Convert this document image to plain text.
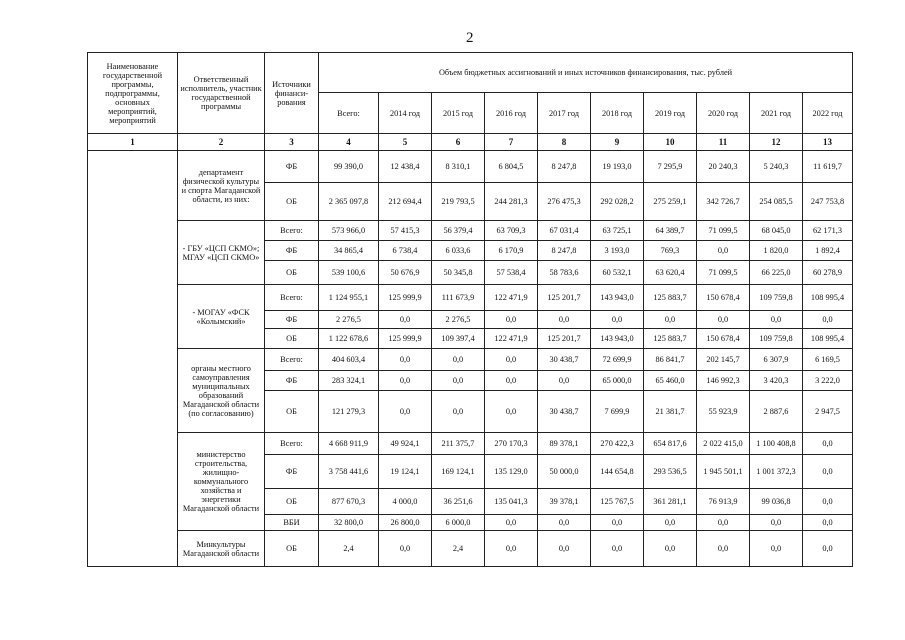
2
Наименование государственной программы, подпрограммы, основных мероприятий, мероприятий	Ответственный исполнитель, участник государственной программы	Источники финанси-рования	Объем бюджетных ассигнований и иных источников финансирования, тыс. рублей									
			Всего:	2014 год	2015 год	2016 год	2017 год	2018 год	2019 год	2020 год	2021 год	2022 год
1	2	3	4	5	6	7	8	9	10	11	12	13
	департамент физической культуры и спорта Магаданской области, из них:	ФБ	99 390,0	12 438,4	8 310,1	6 804,5	8 247,8	19 193,0	7 295,9	20 240,3	5 240,3	11 619,7
		ОБ	2 365 097,8	212 694,4	219 793,5	244 281,3	276 475,3	292 028,2	275 259,1	342 726,7	254 085,5	247 753,8
	- ГБУ «ЦСП СКМО»; МГАУ «ЦСП СКМО»	Всего:	573 966,0	57 415,3	56 379,4	63 709,3	67 031,4	63 725,1	64 389,7	71 099,5	68 045,0	62 171,3
		ФБ	34 865,4	6 738,4	6 033,6	6 170,9	8 247,8	3 193,0	769,3	0,0	1 820,0	1 892,4
		ОБ	539 100,6	50 676,9	50 345,8	57 538,4	58 783,6	60 532,1	63 620,4	71 099,5	66 225,0	60 278,9
	- МОГАУ «ФСК «Колымский»	Всего:	1 124 955,1	125 999,9	111 673,9	122 471,9	125 201,7	143 943,0	125 883,7	150 678,4	109 759,8	108 995,4
		ФБ	2 276,5	0,0	2 276,5	0,0	0,0	0,0	0,0	0,0	0,0	0,0
		ОБ	1 122 678,6	125 999,9	109 397,4	122 471,9	125 201,7	143 943,0	125 883,7	150 678,4	109 759,8	108 995,4
	органы местного самоуправления муниципальных образований Магаданской области (по согласованию)	Всего:	404 603,4	0,0	0,0	0,0	30 438,7	72 699,9	86 841,7	202 145,7	6 307,9	6 169,5
		ФБ	283 324,1	0,0	0,0	0,0	0,0	65 000,0	65 460,0	146 992,3	3 420,3	3 222,0
		ОБ	121 279,3	0,0	0,0	0,0	30 438,7	7 699,9	21 381,7	55 923,9	2 887,6	2 947,5
	министерство строительства, жилищно-коммунального хозяйства и энергетики Магаданской области	Всего:	4 668 911,9	49 924,1	211 375,7	270 170,3	89 378,1	270 422,3	654 817,6	2 022 415,0	1 100 408,8	0,0
		ФБ	3 758 441,6	19 124,1	169 124,1	135 129,0	50 000,0	144 654,8	293 536,5	1 945 501,1	1 001 372,3	0,0
		ОБ	877 670,3	4 000,0	36 251,6	135 041,3	39 378,1	125 767,5	361 281,1	76 913,9	99 036,8	0,0
		ВБИ	32 800,0	26 800,0	6 000,0	0,0	0,0	0,0	0,0	0,0	0,0	0,0
	Минкультуры Магаданской области	ОБ	2,4	0,0	2,4	0,0	0,0	0,0	0,0	0,0	0,0	0,0
